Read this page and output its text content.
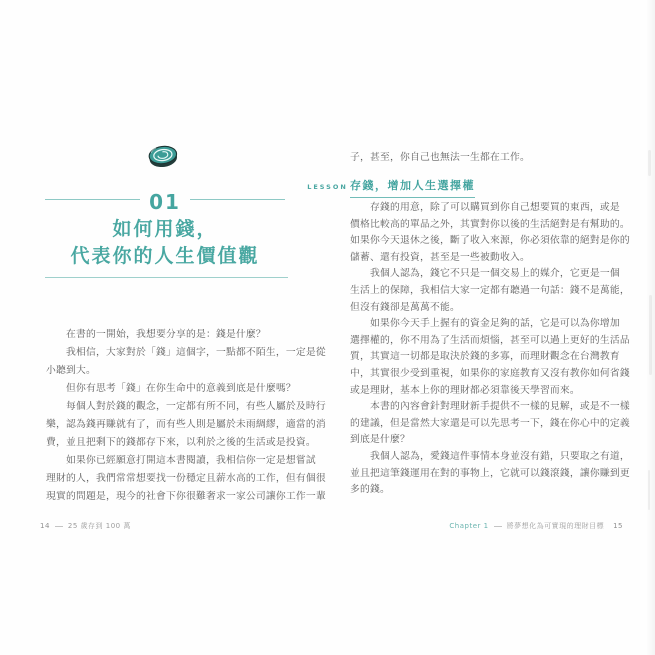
LESSON
01
如何用錢，
代表你的人生價值觀
　　在書的一開始，我想要分享的是：錢是什麼？
　　我相信，大家對於「錢」這個字，一點都不陌生，一定是從
小聽到大。
　　但你有思考「錢」在你生命中的意義到底是什麼嗎？
　　每個人對於錢的觀念，一定都有所不同，有些人屬於及時行
樂，認為錢再賺就有了，而有些人則是屬於未雨綢繆，適當的消
費，並且把剩下的錢都存下來，以利於之後的生活或是投資。
　　如果你已經願意打開這本書閱讀，我相信你一定是想嘗試
理財的人，我們常常想要找一份穩定且薪水高的工作，但有個很
現實的問題是，現今的社會下你很難奢求一家公司讓你工作一輩
14	25 歲存到 100 萬
子，甚至，你自己也無法一生都在工作。
存錢，增加人生選擇權
　　存錢的用意，除了可以購買到你自己想要買的東西，或是
價格比較高的單品之外，其實對你以後的生活絕對是有幫助的。
如果你今天退休之後，斷了收入來源，你必須依靠的絕對是你的
儲蓄、還有投資，甚至是一些被動收入。
　　我個人認為，錢它不只是一個交易上的媒介，它更是一個
生活上的保障，我相信大家一定都有聽過一句話：錢不是萬能，
但沒有錢卻是萬萬不能。
　　如果你今天手上握有的資金足夠的話，它是可以為你增加
選擇權的，你不用為了生活而煩惱，甚至可以過上更好的生活品
質，其實這一切都是取決於錢的多寡，而理財觀念在台灣教育
中，其實很少受到重視，如果你的家庭教育又沒有教你如何省錢
或是理財，基本上你的理財都必須靠後天學習而來。
　　本書的內容會針對理財新手提供不一樣的見解，或是不一樣
的建議，但是當然大家還是可以先思考一下，錢在你心中的定義
到底是什麼？
　　我個人認為，愛錢這件事情本身並沒有錯，只要取之有道，
並且把這筆錢運用在對的事物上，它就可以錢滾錢，讓你賺到更
多的錢。
Chapter 1	將夢想化為可實現的理財目標 15
